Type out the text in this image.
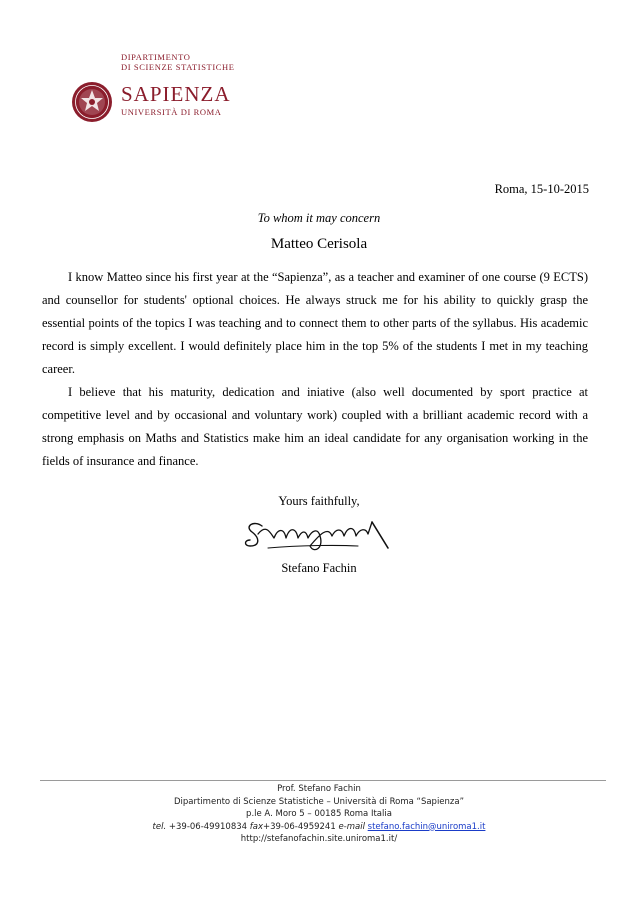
DIPARTIMENTO
DI SCIENZE STATISTICHE
SAPIENZA
UNIVERSITÀ DI ROMA
Roma, 15-10-2015
To whom it may concern
Matteo Cerisola

I know Matteo since his first year at the “Sapienza”, as a teacher and examiner of one course (9 ECTS) and counsellor for students' optional choices. He always struck me for his ability to quickly grasp the essential points of the topics I was teaching and to connect them to other parts of the syllabus. His academic record is simply excellent. I would definitely place him in the top 5% of the students I met in my teaching career.

I believe that his maturity, dedication and iniative (also well documented by sport practice at competitive level and by occasional and voluntary work) coupled with a brilliant academic record with a strong emphasis on Maths and Statistics make him an ideal candidate for any organisation working in the fields of insurance and finance.

Yours faithfully,
Stefano Fachin
Prof. Stefano Fachin
Dipartimento di Scienze Statistiche – Università di Roma “Sapienza”
p.le A. Moro 5 – 00185 Roma Italia
tel. +39-06-49910834 fax+39-06-4959241 e-mail stefano.fachin@uniroma1.it
http://stefanofachin.site.uniroma1.it/
